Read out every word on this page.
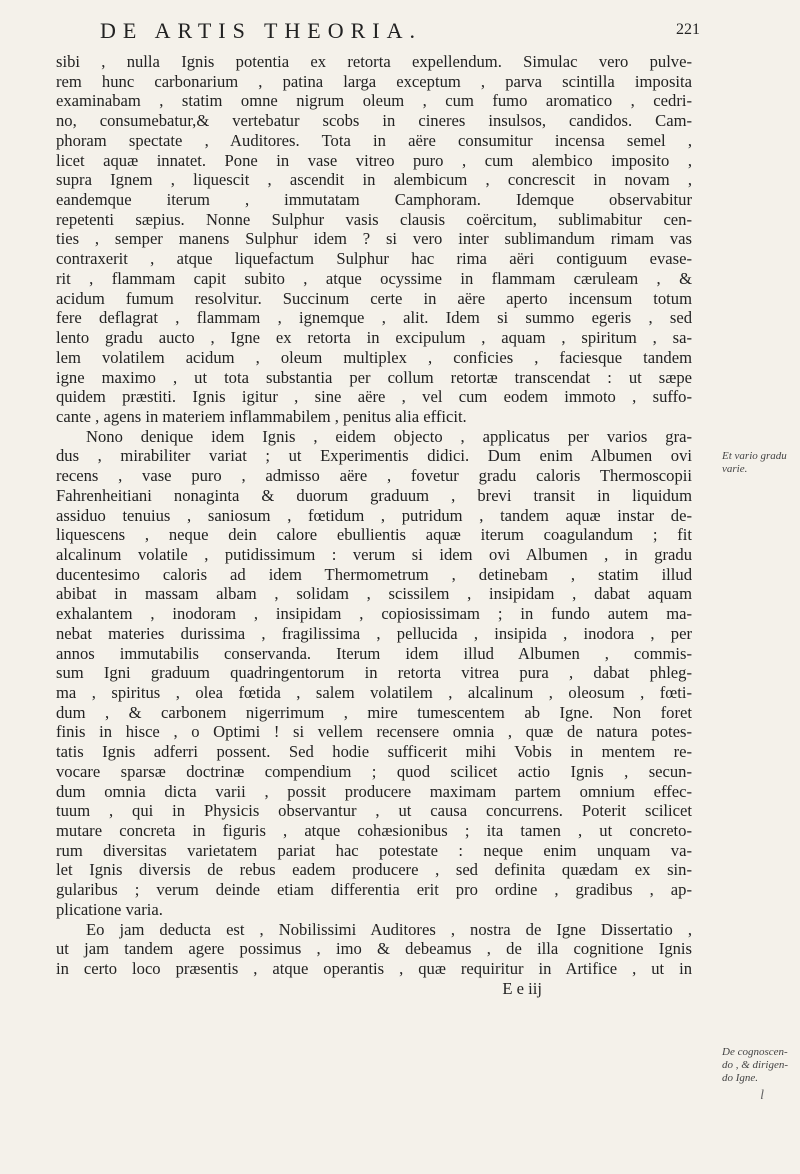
DE ARTIS THEORIA.	221
sibi , nulla Ignis potentia ex retorta expellendum. Simulac vero pulve-
rem hunc carbonarium , patina larga exceptum , parva scintilla imposita
examinabam , statim omne nigrum oleum , cum fumo aromatico , cedri-
no, consumebatur,& vertebatur scobs in cineres insulsos, candidos. Cam-
phoram spectate , Auditores. Tota in aëre consumitur incensa semel ,
licet aquæ innatet. Pone in vase vitreo puro , cum alembico imposito ,
supra Ignem , liquescit , ascendit in alembicum , concrescit in novam ,
eandemque iterum , immutatam Camphoram. Idemque observabitur
repetenti sæpius. Nonne Sulphur vasis clausis coërcitum, sublimabitur cen-
ties , semper manens Sulphur idem ? si vero inter sublimandum rimam vas
contraxerit , atque liquefactum Sulphur hac rima aëri contiguum evase-
rit , flammam capit subito , atque ocyssime in flammam cæruleam , &
acidum fumum resolvitur. Succinum certe in aëre aperto incensum totum
fere deflagrat , flammam , ignemque , alit. Idem si summo egeris , sed
lento gradu aucto , Igne ex retorta in excipulum , aquam , spiritum , sa-
lem volatilem acidum , oleum multiplex , conficies , faciesque tandem
igne maximo , ut tota substantia per collum retortæ transcendat : ut sæpe
quidem præstiti. Ignis igitur , sine aëre , vel cum eodem immoto , suffo-
cante , agens in materiem inflammabilem , penitus alia efficit.
Nono denique idem Ignis , eidem objecto , applicatus per varios gra-
dus , mirabiliter variat ; ut Experimentis didici. Dum enim Albumen ovi
recens , vase puro , admisso aëre , fovetur gradu caloris Thermoscopii
Fahrenheitiani nonaginta & duorum graduum , brevi transit in liquidum
assiduo tenuius , saniosum , fœtidum , putridum , tandem aquæ instar de-
liquescens , neque dein calore ebullientis aquæ iterum coagulandum ; fit
alcalinum volatile , putidissimum : verum si idem ovi Albumen , in gradu
ducentesimo caloris ad idem Thermometrum , detinebam , statim illud
abibat in massam albam , solidam , scissilem , insipidam , dabat aquam
exhalantem , inodoram , insipidam , copiosissimam ; in fundo autem ma-
nebat materies durissima , fragilissima , pellucida , insipida , inodora , per
annos immutabilis conservanda. Iterum idem illud Albumen , commis-
sum Igni graduum quadringentorum in retorta vitrea pura , dabat phleg-
ma , spiritus , olea fœtida , salem volatilem , alcalinum , oleosum , fœti-
dum , & carbonem nigerrimum , mire tumescentem ab Igne. Non foret
finis in hisce , o Optimi ! si vellem recensere omnia , quæ de natura potes-
tatis Ignis adferri possent. Sed hodie sufficerit mihi Vobis in mentem re-
vocare sparsæ doctrinæ compendium ; quod scilicet actio Ignis , secun-
dum omnia dicta varii , possit producere maximam partem omnium effec-
tuum , qui in Physicis observantur , ut causa concurrens. Poterit scilicet
mutare concreta in figuris , atque cohæsionibus ; ita tamen , ut concreto-
rum diversitas varietatem pariat hac potestate : neque enim unquam va-
let Ignis diversis de rebus eadem producere , sed definita quædam ex sin-
gularibus ; verum deinde etiam differentia erit pro ordine , gradibus , ap-
plicatione varia.
Eo jam deducta est , Nobilissimi Auditores , nostra de Igne Dissertatio ,
ut jam tandem agere possimus , imo & debeamus , de illa cognitione Ignis
in certo loco præsentis , atque operantis , quæ requiritur in Artifice , ut in
E e iij
Et vario gradu
varie.
De cognoscen-
do , & dirigen-
do Igne.
l
